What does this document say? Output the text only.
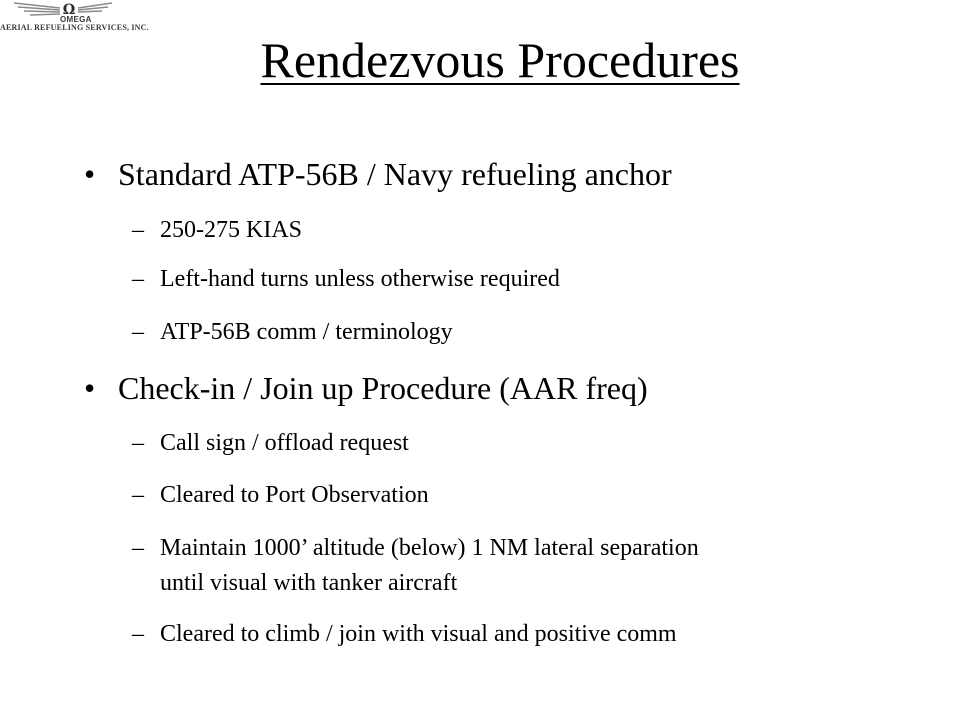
Ω
OMEGA
AERIAL REFUELING SERVICES, INC.
Rendezvous Procedures
• Standard ATP-56B / Navy refueling anchor
– 250-275 KIAS
– Left-hand turns unless otherwise required
– ATP-56B comm / terminology
• Check-in / Join up Procedure (AAR freq)
– Call sign / offload request
– Cleared to Port Observation
– Maintain 1000’ altitude (below) 1 NM lateral separation
until visual with tanker aircraft
– Cleared to climb / join with visual and positive comm
